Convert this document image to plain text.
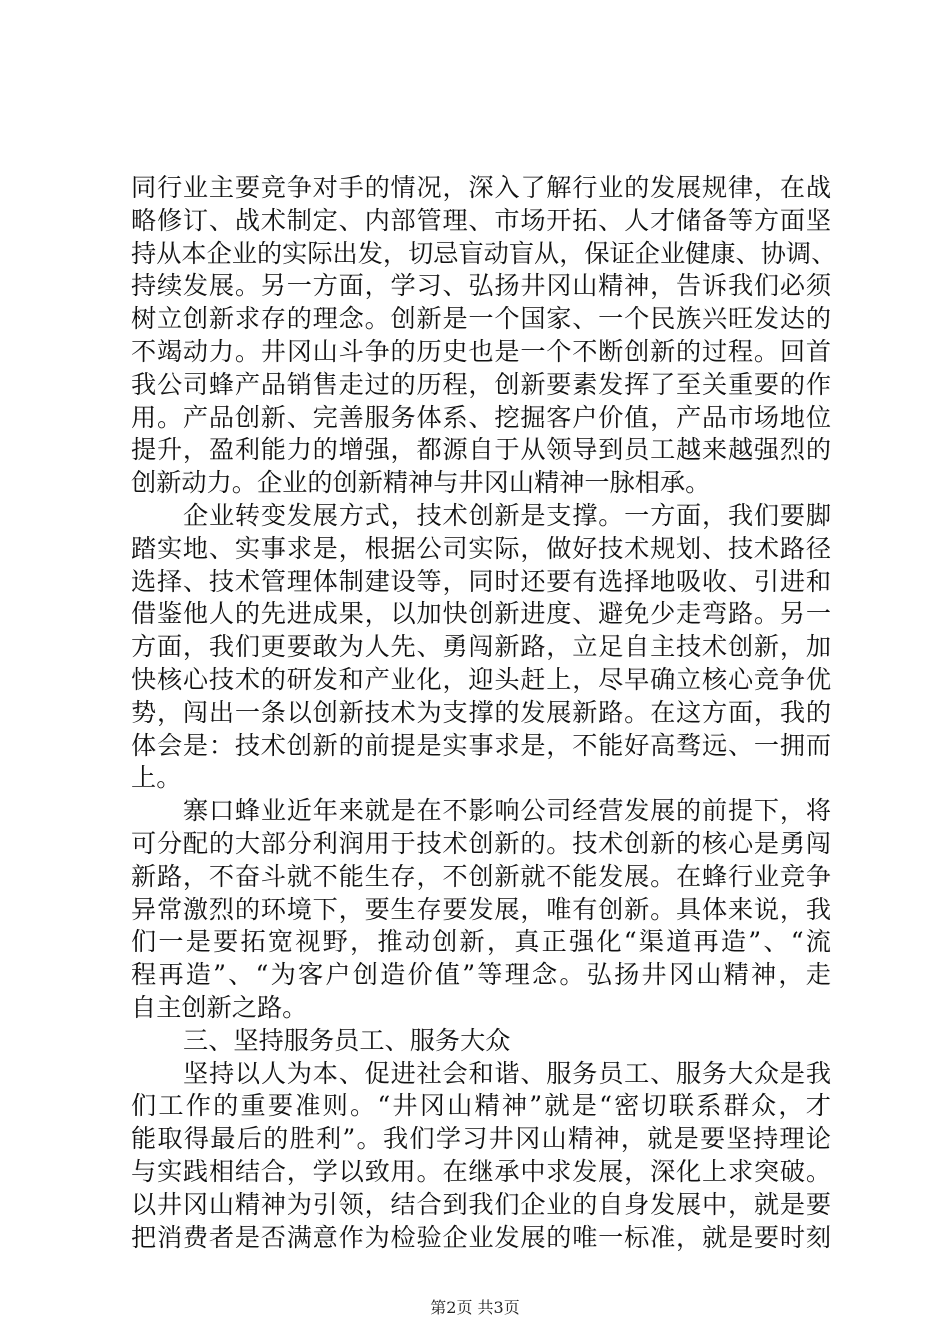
同行业主要竞争对手的情况，深入了解行业的发展规律，在战
略修订、战术制定、内部管理、市场开拓、人才储备等方面坚
持从本企业的实际出发，切忌盲动盲从，保证企业健康、协调、
持续发展。另一方面，学习、弘扬井冈山精神，告诉我们必须
树立创新求存的理念。创新是一个国家、一个民族兴旺发达的
不竭动力。井冈山斗争的历史也是一个不断创新的过程。回首
我公司蜂产品销售走过的历程，创新要素发挥了至关重要的作
用。产品创新、完善服务体系、挖掘客户价值，产品市场地位
提升，盈利能力的增强，都源自于从领导到员工越来越强烈的
创新动力。企业的创新精神与井冈山精神一脉相承。
企业转变发展方式，技术创新是支撑。一方面，我们要脚
踏实地、实事求是，根据公司实际，做好技术规划、技术路径
选择、技术管理体制建设等，同时还要有选择地吸收、引进和
借鉴他人的先进成果，以加快创新进度、避免少走弯路。另一
方面，我们更要敢为人先、勇闯新路，立足自主技术创新，加
快核心技术的研发和产业化，迎头赶上，尽早确立核心竞争优
势，闯出一条以创新技术为支撑的发展新路。在这方面，我的
体会是：技术创新的前提是实事求是，不能好高骛远、一拥而
上。
寨口蜂业近年来就是在不影响公司经营发展的前提下，将
可分配的大部分利润用于技术创新的。技术创新的核心是勇闯
新路，不奋斗就不能生存，不创新就不能发展。在蜂行业竞争
异常激烈的环境下，要生存要发展，唯有创新。具体来说，我
们一是要拓宽视野，推动创新，真正强化“渠道再造”、“流
程再造”、“为客户创造价值”等理念。弘扬井冈山精神，走
自主创新之路。
三、坚持服务员工、服务大众
坚持以人为本、促进社会和谐、服务员工、服务大众是我
们工作的重要准则。“井冈山精神”就是“密切联系群众，才
能取得最后的胜利”。我们学习井冈山精神，就是要坚持理论
与实践相结合，学以致用。在继承中求发展，深化上求突破。
以井冈山精神为引领，结合到我们企业的自身发展中，就是要
把消费者是否满意作为检验企业发展的唯一标准，就是要时刻
第2页 共3页
